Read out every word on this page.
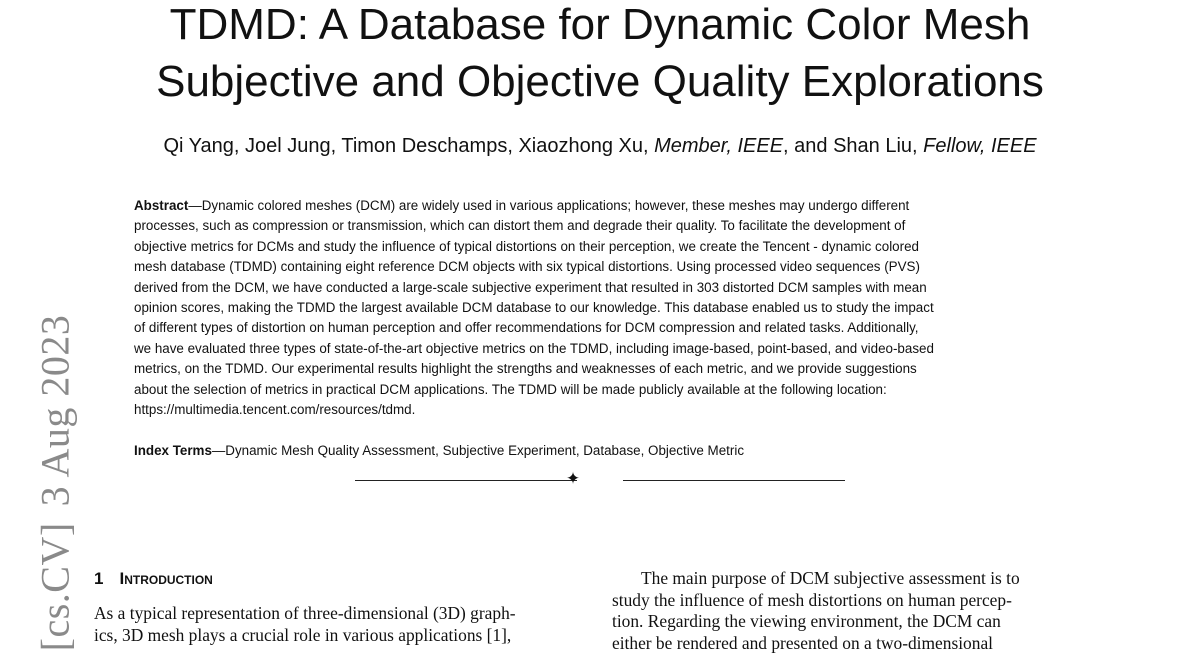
TDMD: A Database for Dynamic Color Mesh
Subjective and Objective Quality Explorations
Qi Yang, Joel Jung, Timon Deschamps, Xiaozhong Xu, Member, IEEE, and Shan Liu, Fellow, IEEE
Abstract—Dynamic colored meshes (DCM) are widely used in various applications; however, these meshes may undergo different
processes, such as compression or transmission, which can distort them and degrade their quality. To facilitate the development of
objective metrics for DCMs and study the influence of typical distortions on their perception, we create the Tencent - dynamic colored
mesh database (TDMD) containing eight reference DCM objects with six typical distortions. Using processed video sequences (PVS)
derived from the DCM, we have conducted a large-scale subjective experiment that resulted in 303 distorted DCM samples with mean
opinion scores, making the TDMD the largest available DCM database to our knowledge. This database enabled us to study the impact
of different types of distortion on human perception and offer recommendations for DCM compression and related tasks. Additionally,
we have evaluated three types of state-of-the-art objective metrics on the TDMD, including image-based, point-based, and video-based
metrics, on the TDMD. Our experimental results highlight the strengths and weaknesses of each metric, and we provide suggestions
about the selection of metrics in practical DCM applications. The TDMD will be made publicly available at the following location:
https://multimedia.tencent.com/resources/tdmd.
Index Terms—Dynamic Mesh Quality Assessment, Subjective Experiment, Database, Objective Metric
✦
[cs.CV]3 Aug 2023
1 Introduction
As a typical representation of three-dimensional (3D) graph-
ics, 3D mesh plays a crucial role in various applications [1],
The main purpose of DCM subjective assessment is to
study the influence of mesh distortions on human percep-
tion. Regarding the viewing environment, the DCM can
either be rendered and presented on a two-dimensional
